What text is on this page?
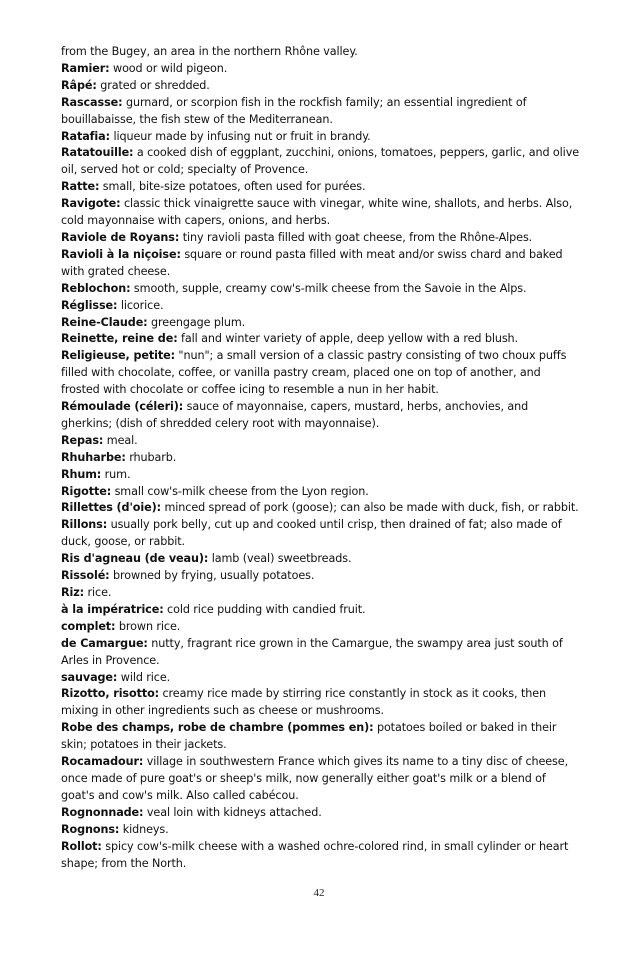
from the Bugey, an area in the northern Rhône valley.

Ramier: wood or wild pigeon.

Râpé: grated or shredded.

Rascasse: gurnard, or scorpion fish in the rockfish family; an essential ingredient of bouillabaisse, the fish stew of the Mediterranean.

Ratafia: liqueur made by infusing nut or fruit in brandy.

Ratatouille: a cooked dish of eggplant, zucchini, onions, tomatoes, peppers, garlic, and olive oil, served hot or cold; specialty of Provence.

Ratte: small, bite-size potatoes, often used for purées.

Ravigote: classic thick vinaigrette sauce with vinegar, white wine, shallots, and herbs. Also, cold mayonnaise with capers, onions, and herbs.

Raviole de Royans: tiny ravioli pasta filled with goat cheese, from the Rhône-Alpes.

Ravioli à la niçoise: square or round pasta filled with meat and/or swiss chard and baked with grated cheese.

Reblochon: smooth, supple, creamy cow's-milk cheese from the Savoie in the Alps.

Réglisse: licorice.

Reine-Claude: greengage plum.

Reinette, reine de: fall and winter variety of apple, deep yellow with a red blush.

Religieuse, petite: "nun"; a small version of a classic pastry consisting of two choux puffs filled with chocolate, coffee, or vanilla pastry cream, placed one on top of another, and frosted with chocolate or coffee icing to resemble a nun in her habit.

Rémoulade (céleri): sauce of mayonnaise, capers, mustard, herbs, anchovies, and gherkins; (dish of shredded celery root with mayonnaise).

Repas: meal.

Rhuharbe: rhubarb.

Rhum: rum.

Rigotte: small cow's-milk cheese from the Lyon region.

Rillettes (d'oie): minced spread of pork (goose); can also be made with duck, fish, or rabbit.

Rillons: usually pork belly, cut up and cooked until crisp, then drained of fat; also made of duck, goose, or rabbit.

Ris d'agneau (de veau): lamb (veal) sweetbreads.

Rissolé: browned by frying, usually potatoes.

Riz: rice.

à la impératrice: cold rice pudding with candied fruit.

complet: brown rice.

de Camargue: nutty, fragrant rice grown in the Camargue, the swampy area just south of Arles in Provence.

sauvage: wild rice.

Rizotto, risotto: creamy rice made by stirring rice constantly in stock as it cooks, then mixing in other ingredients such as cheese or mushrooms.

Robe des champs, robe de chambre (pommes en): potatoes boiled or baked in their skin; potatoes in their jackets.

Rocamadour: village in southwestern France which gives its name to a tiny disc of cheese, once made of pure goat's or sheep's milk, now generally either goat's milk or a blend of goat's and cow's milk. Also called cabécou.

Rognonnade: veal loin with kidneys attached.

Rognons: kidneys.

Rollot: spicy cow's-milk cheese with a washed ochre-colored rind, in small cylinder or heart shape; from the North.

42
